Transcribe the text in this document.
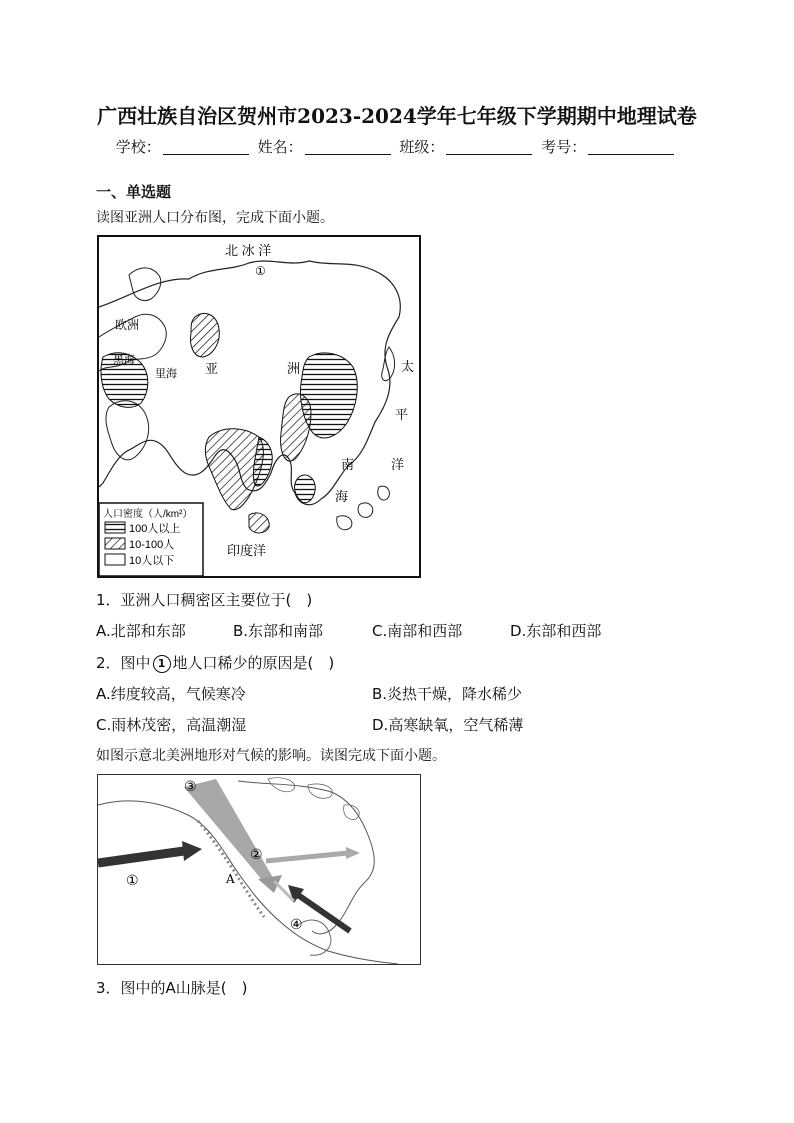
广西壮族自治区贺州市2023-2024学年七年级下学期期中地理试卷
学校：	姓名：	班级：	考号：
一、单选题
读图亚洲人口分布图，完成下面小题。
北 冰 洋
①
欧洲
黑海
里海 亚	洲	太
平
洋
南
海
印度洋
人口密度（人/km²）
100人以上
10-100人
10人以下
1．亚洲人口稠密区主要位于(　)
A.北部和东部	B.东部和南部	C.南部和西部	D.东部和西部
2．图中 1 地人口稀少的原因是(　)
A.纬度较高，气候寒冷	B.炎热干燥，降水稀少
C.雨林茂密，高温潮湿	D.高寒缺氧，空气稀薄
如图示意北美洲地形对气候的影响。读图完成下面小题。
③
②
①	A
④
3．图中的A山脉是(　)
